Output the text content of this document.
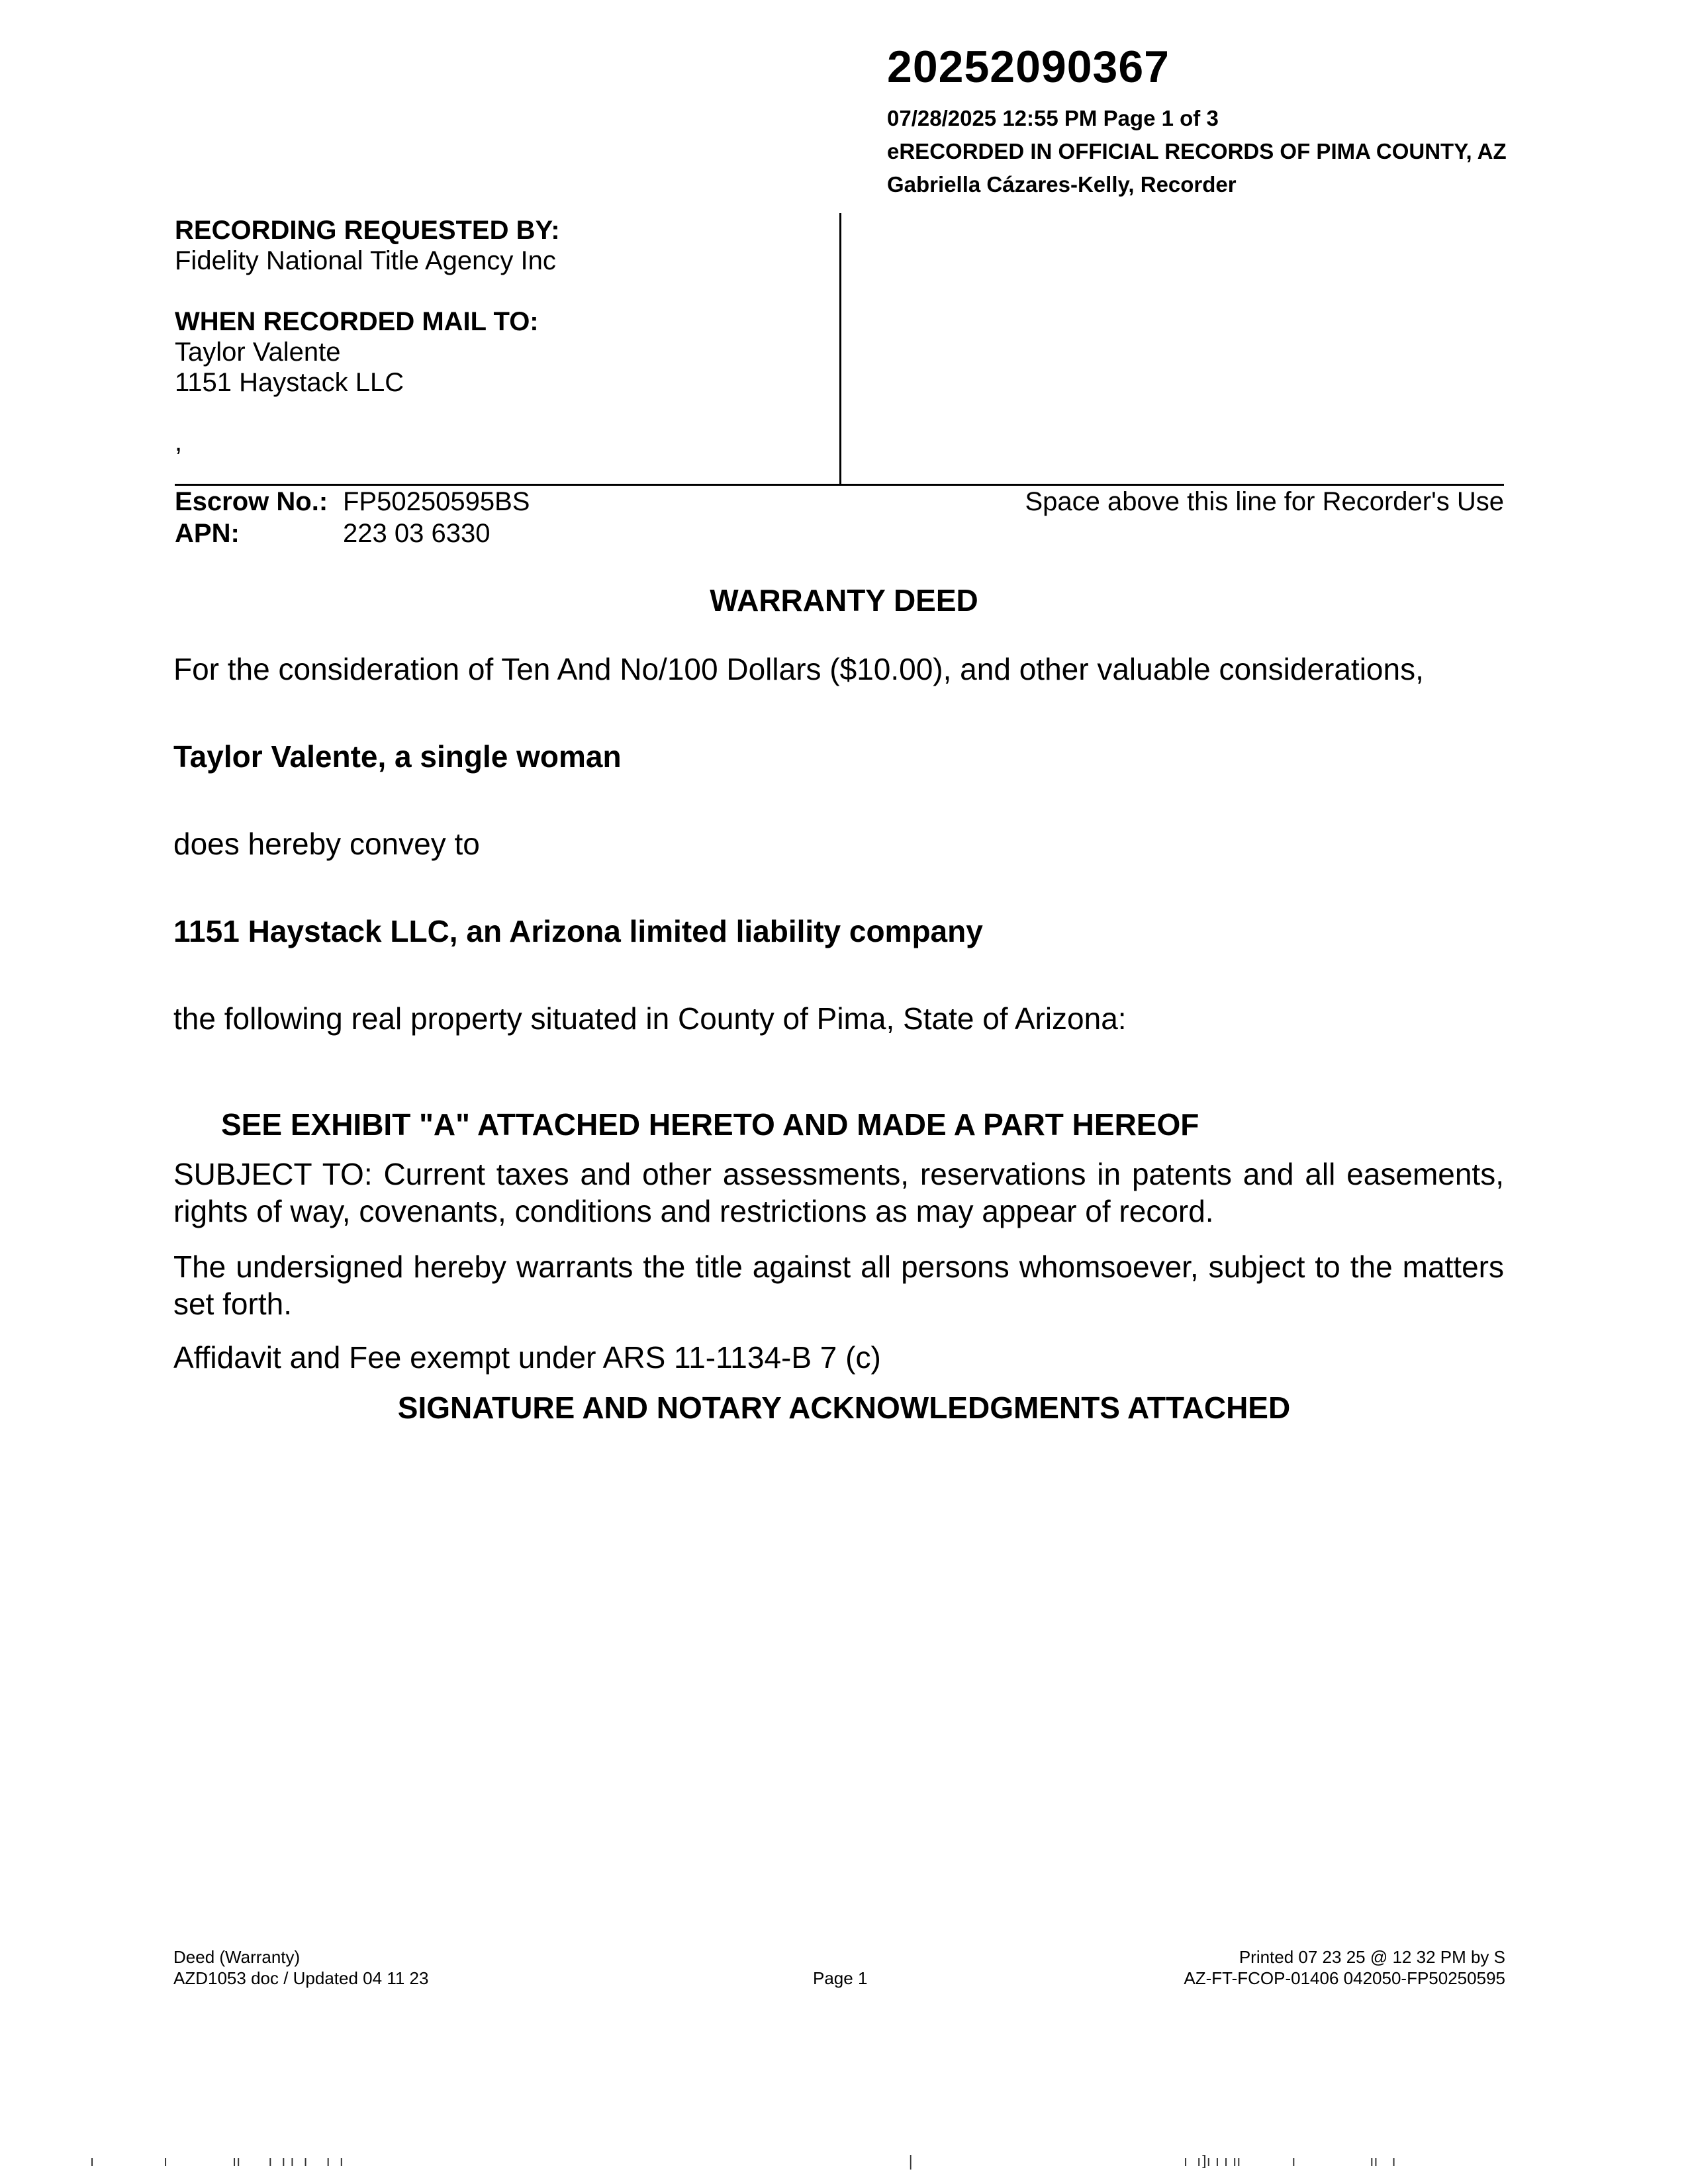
20252090367
07/28/2025 12:55 PM Page 1 of 3
eRECORDED IN OFFICIAL RECORDS OF PIMA COUNTY, AZ
Gabriella Cázares-Kelly, Recorder
RECORDING REQUESTED BY:
Fidelity National Title Agency Inc
WHEN RECORDED MAIL TO:
Taylor Valente
1151 Haystack LLC
,
Escrow No.: FP50250595BS
APN:	223 03 6330
Space above this line for Recorder's Use
WARRANTY DEED
For the consideration of Ten And No/100 Dollars ($10.00), and other valuable considerations,
Taylor Valente, a single woman
does hereby convey to
1151 Haystack LLC, an Arizona limited liability company
the following real property situated in County of Pima, State of Arizona:
SEE EXHIBIT "A" ATTACHED HERETO AND MADE A PART HEREOF
SUBJECT TO: Current taxes and other assessments, reservations in patents and all easements, rights of way, covenants, conditions and restrictions as may appear of record.
The undersigned hereby warrants the title against all persons whomsoever, subject to the matters set forth.
Affidavit and Fee exempt under ARS 11-1134-B 7 (c)
SIGNATURE AND NOTARY ACKNOWLEDGMENTS ATTACHED
Deed (Warranty)
AZD1053 doc / Updated 04 11 23	Page 1
Printed 07 23 25 @ 12 32 PM by S
AZ-FT-FCOP-01406 042050-FP50250595
ı               ı              ıı      ı  ı ı  ı    ı  ı	|	ı  ı]ı ı ı ıı           ı                ıı   ı
